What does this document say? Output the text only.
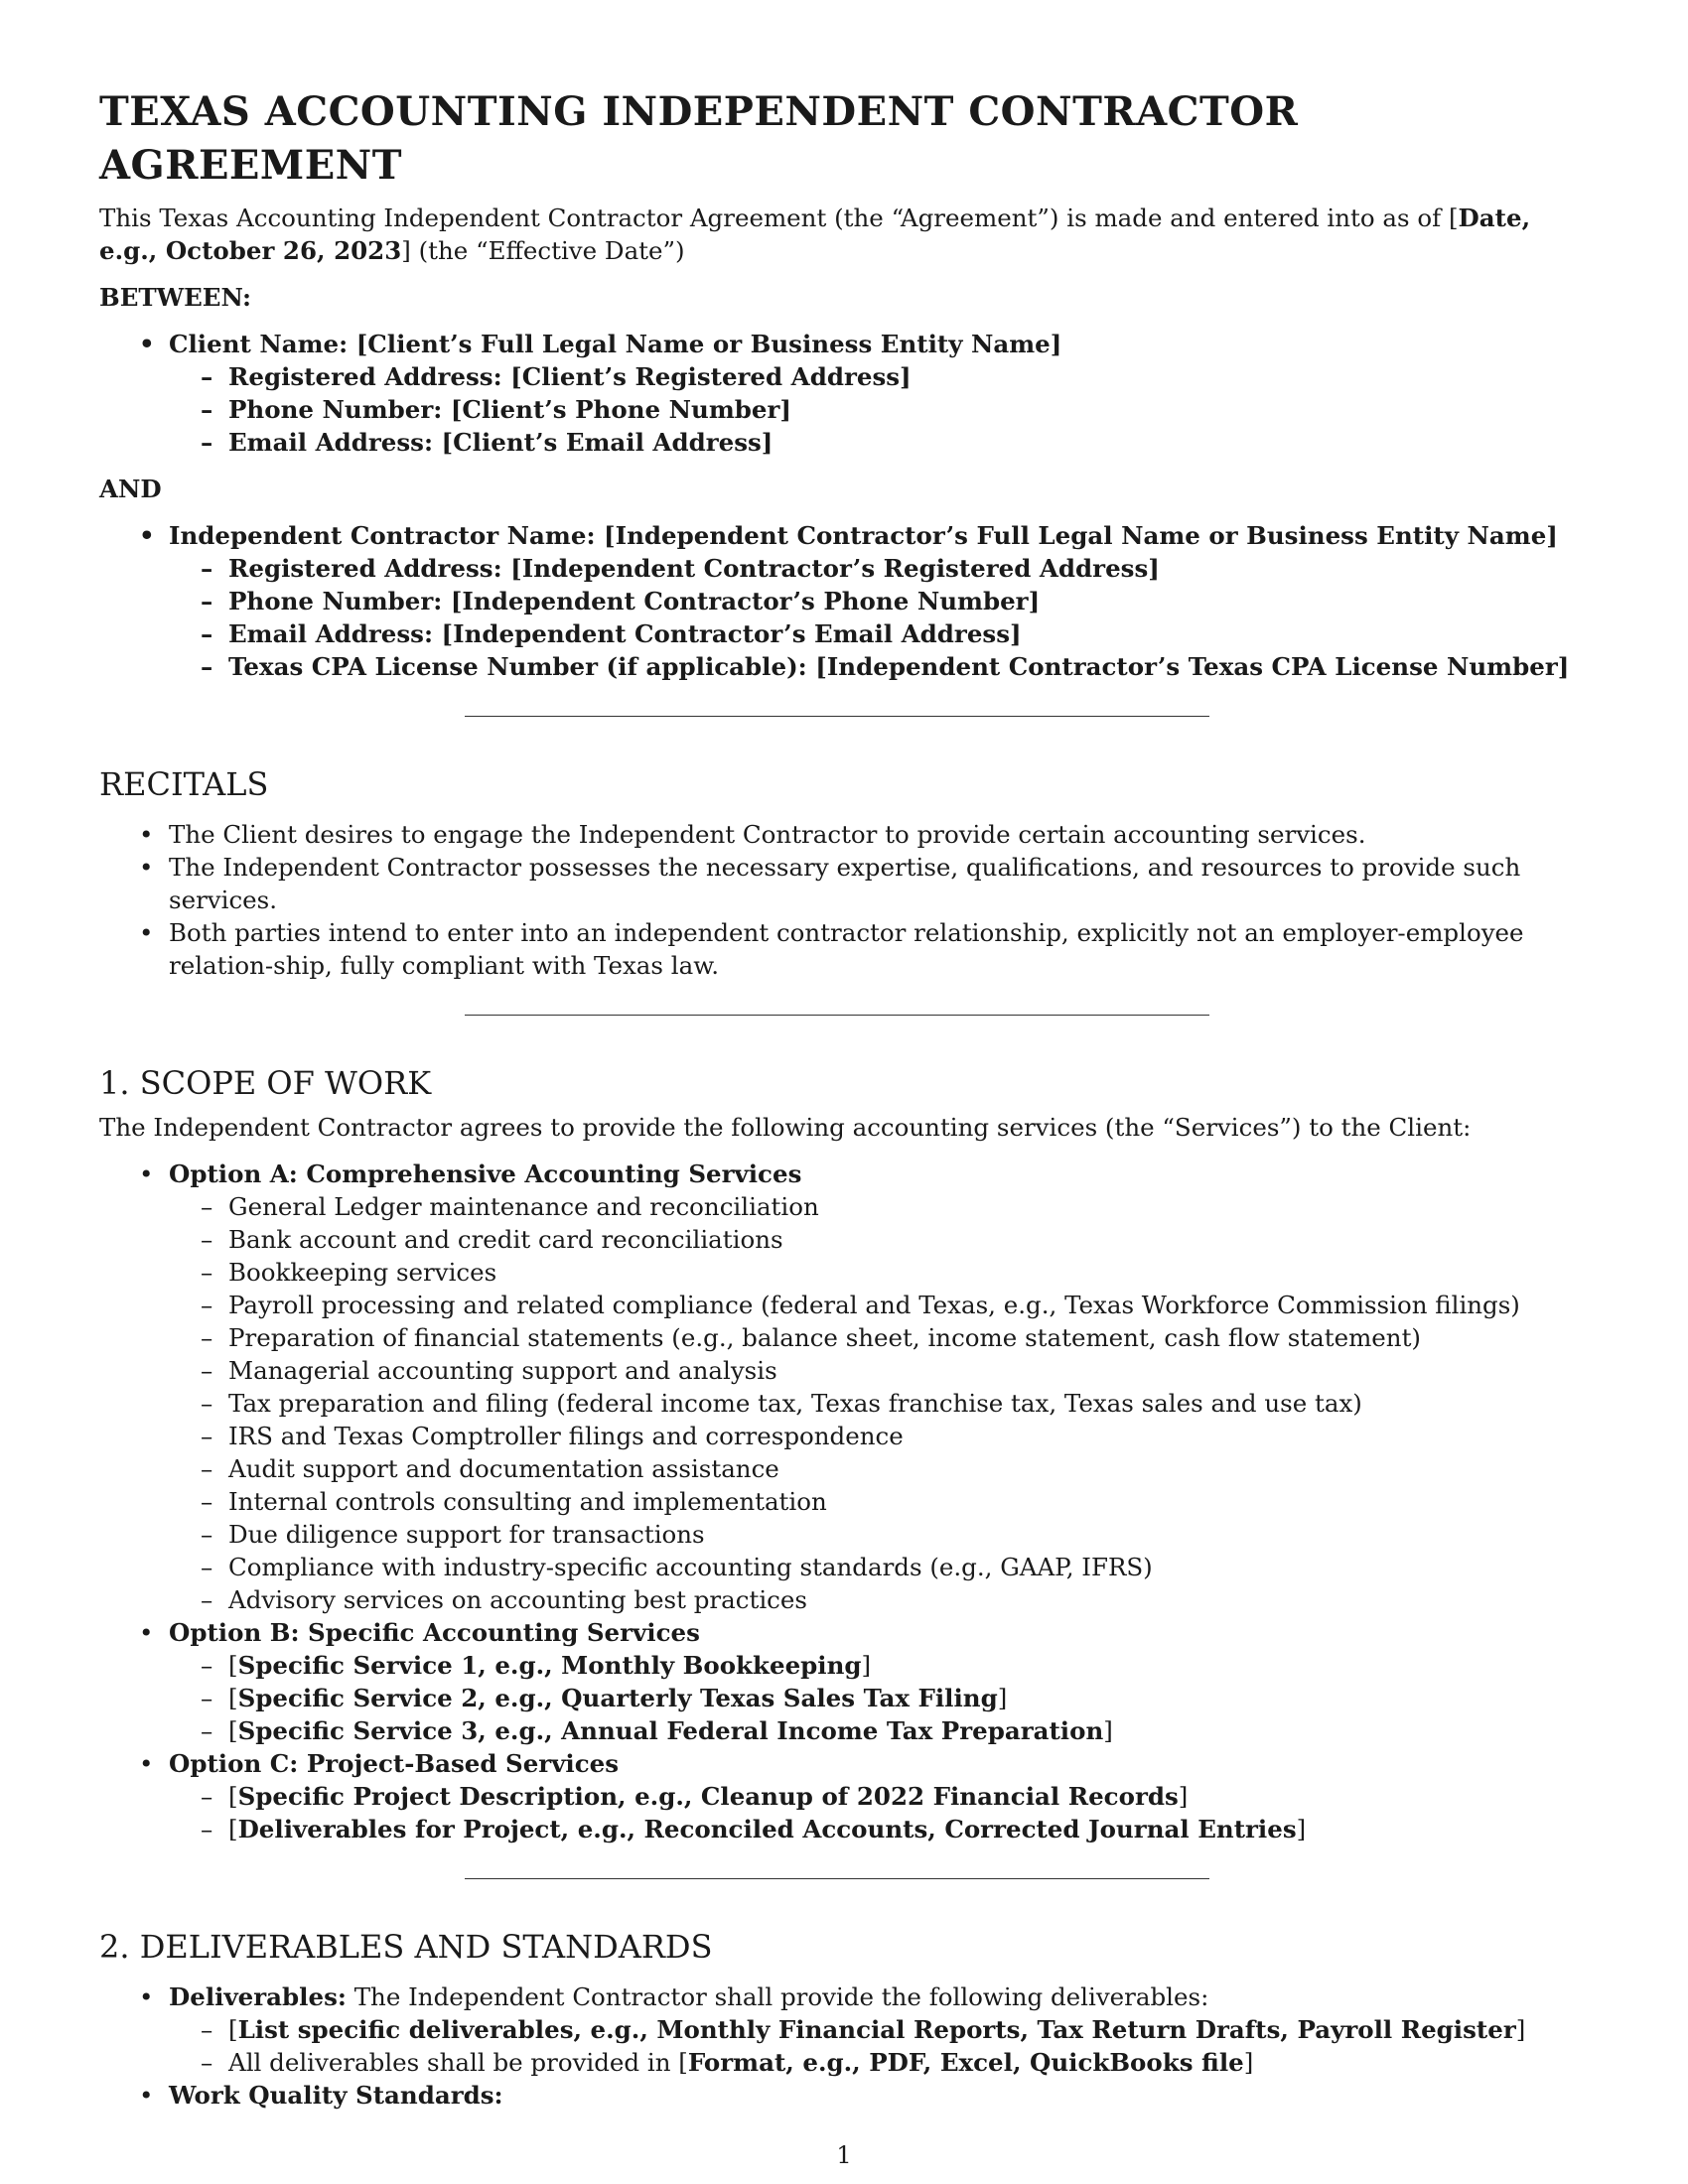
TEXAS ACCOUNTING INDEPENDENT CONTRACTOR AGREEMENT

This Texas Accounting Independent Contractor Agreement (the “Agreement”) is made and entered into as of [Date, e.g., October 26, 2023] (the “Effective Date”)

BETWEEN:

• Client Name: [Client’s Full Legal Name or Business Entity Name]
– Registered Address: [Client’s Registered Address]
– Phone Number: [Client’s Phone Number]
– Email Address: [Client’s Email Address]

AND

• Independent Contractor Name: [Independent Contractor’s Full Legal Name or Business Entity Name]
– Registered Address: [Independent Contractor’s Registered Address]
– Phone Number: [Independent Contractor’s Phone Number]
– Email Address: [Independent Contractor’s Email Address]
– Texas CPA License Number (if applicable): [Independent Contractor’s Texas CPA License Number]
RECITALS
• The Client desires to engage the Independent Contractor to provide certain accounting services.
• The Independent Contractor possesses the necessary expertise, qualifications, and resources to provide such services.
• Both parties intend to enter into an independent contractor relationship, explicitly not an employer-employee relation-ship, fully compliant with Texas law.
1. SCOPE OF WORK

The Independent Contractor agrees to provide the following accounting services (the “Services”) to the Client:

• Option A: Comprehensive Accounting Services
– General Ledger maintenance and reconciliation
– Bank account and credit card reconciliations
– Bookkeeping services
– Payroll processing and related compliance (federal and Texas, e.g., Texas Workforce Commission filings)
– Preparation of financial statements (e.g., balance sheet, income statement, cash flow statement)
– Managerial accounting support and analysis
– Tax preparation and filing (federal income tax, Texas franchise tax, Texas sales and use tax)
– IRS and Texas Comptroller filings and correspondence
– Audit support and documentation assistance
– Internal controls consulting and implementation
– Due diligence support for transactions
– Compliance with industry-specific accounting standards (e.g., GAAP, IFRS)
– Advisory services on accounting best practices
• Option B: Specific Accounting Services
– [Specific Service 1, e.g., Monthly Bookkeeping]
– [Specific Service 2, e.g., Quarterly Texas Sales Tax Filing]
– [Specific Service 3, e.g., Annual Federal Income Tax Preparation]
• Option C: Project-Based Services
– [Specific Project Description, e.g., Cleanup of 2022 Financial Records]
– [Deliverables for Project, e.g., Reconciled Accounts, Corrected Journal Entries]
2. DELIVERABLES AND STANDARDS
• Deliverables: The Independent Contractor shall provide the following deliverables:
– [List specific deliverables, e.g., Monthly Financial Reports, Tax Return Drafts, Payroll Register]
– All deliverables shall be provided in [Format, e.g., PDF, Excel, QuickBooks file]
• Work Quality Standards:
1
